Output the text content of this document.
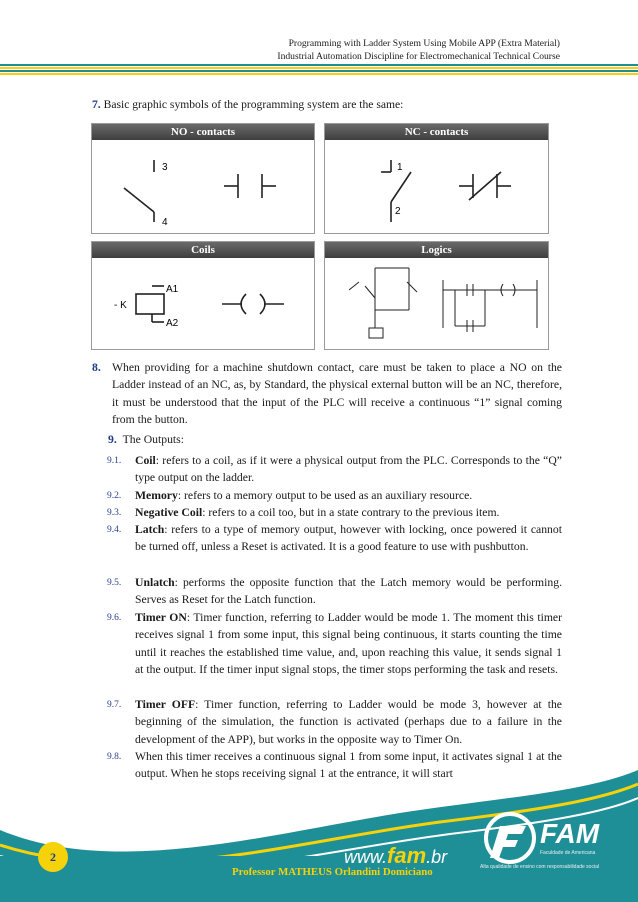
Programming with Ladder System Using Mobile APP (Extra Material)
Industrial Automation Discipline for Electromechanical Technical Course
7. Basic graphic symbols of the programming system are the same:
NO - contacts
3
4
NC - contacts
1
2
Coils
A1
A2
- K
Logics
8. When providing for a machine shutdown contact, care must be taken to place a NO on the Ladder instead of an NC, as, by Standard, the physical external button will be an NC, therefore, it must be understood that the input of the PLC will receive a continuous “1” signal coming from the button.
9. The Outputs:
9.1. Coil: refers to a coil, as if it were a physical output from the PLC. Corresponds to the “Q” type output on the ladder.
9.2. Memory: refers to a memory output to be used as an auxiliary resource.
9.3. Negative Coil: refers to a coil too, but in a state contrary to the previous item.
9.4. Latch: refers to a type of memory output, however with locking, once powered it cannot be turned off, unless a Reset is activated. It is a good feature to use with pushbutton.
9.5. Unlatch: performs the opposite function that the Latch memory would be performing. Serves as Reset for the Latch function.
9.6. Timer ON: Timer function, referring to Ladder would be mode 1. The moment this timer receives signal 1 from some input, this signal being continuous, it starts counting the time until it reaches the established time value, and, upon reaching this value, it sends signal 1 at the output. If the timer input signal stops, the timer stops performing the task and resets.
9.7. Timer OFF: Timer function, referring to Ladder would be mode 3, however at the beginning of the simulation, the function is activated (perhaps due to a failure in the development of the APP), but works in the opposite way to Timer On.
9.8. When this timer receives a continuous signal 1 from some input, it activates signal 1 at the output. When he stops receiving signal 1 at the entrance, it will start
2	www.fam.br
FAM
Faculdade de Americana
Alta qualidade de ensino com responsabilidade social
Professor MATHEUS Orlandini Domiciano
